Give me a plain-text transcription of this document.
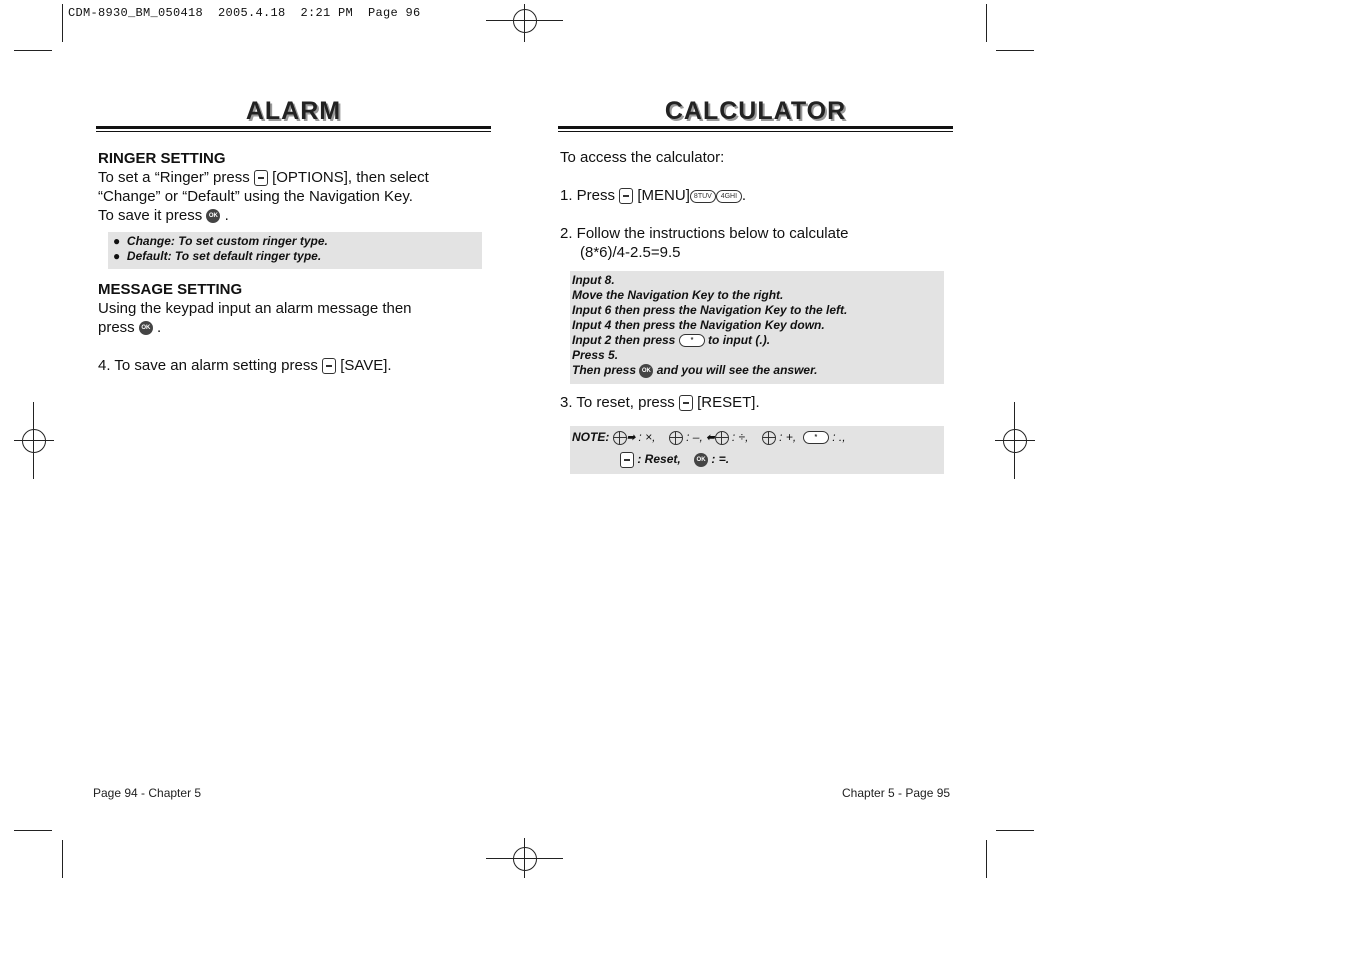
CDM-8930_BM_050418  2005.4.18  2:21 PM  Page 96
ALARM
RINGER SETTING
To set a “Ringer” press [OPTIONS], then select
“Change” or “Default” using the Navigation Key.
To save it press OK .
● Change: To set custom ringer type.
● Default: To set default ringer type.
MESSAGE SETTING
Using the keypad input an alarm message then
press OK .
4. To save an alarm setting press [SAVE].
Page 94 - Chapter 5
CALCULATOR
To access the calculator:
1. Press [MENU] 8TUV 4GHI .
2. Follow the instructions below to calculate
(8*6)/4-2.5=9.5
Input 8.
Move the Navigation Key to the right.
Input 6 then press the Navigation Key to the left.
Input 4 then press the Navigation Key down.
Input 2 then press * to input (.).
Press 5.
Then press OK and you will see the answer.
3. To reset, press [RESET].
NOTE: ➡ : ×,	: –, ⬅ : ÷,	: +,	* : .,
: Reset,	OK : =.
Chapter 5 - Page 95
